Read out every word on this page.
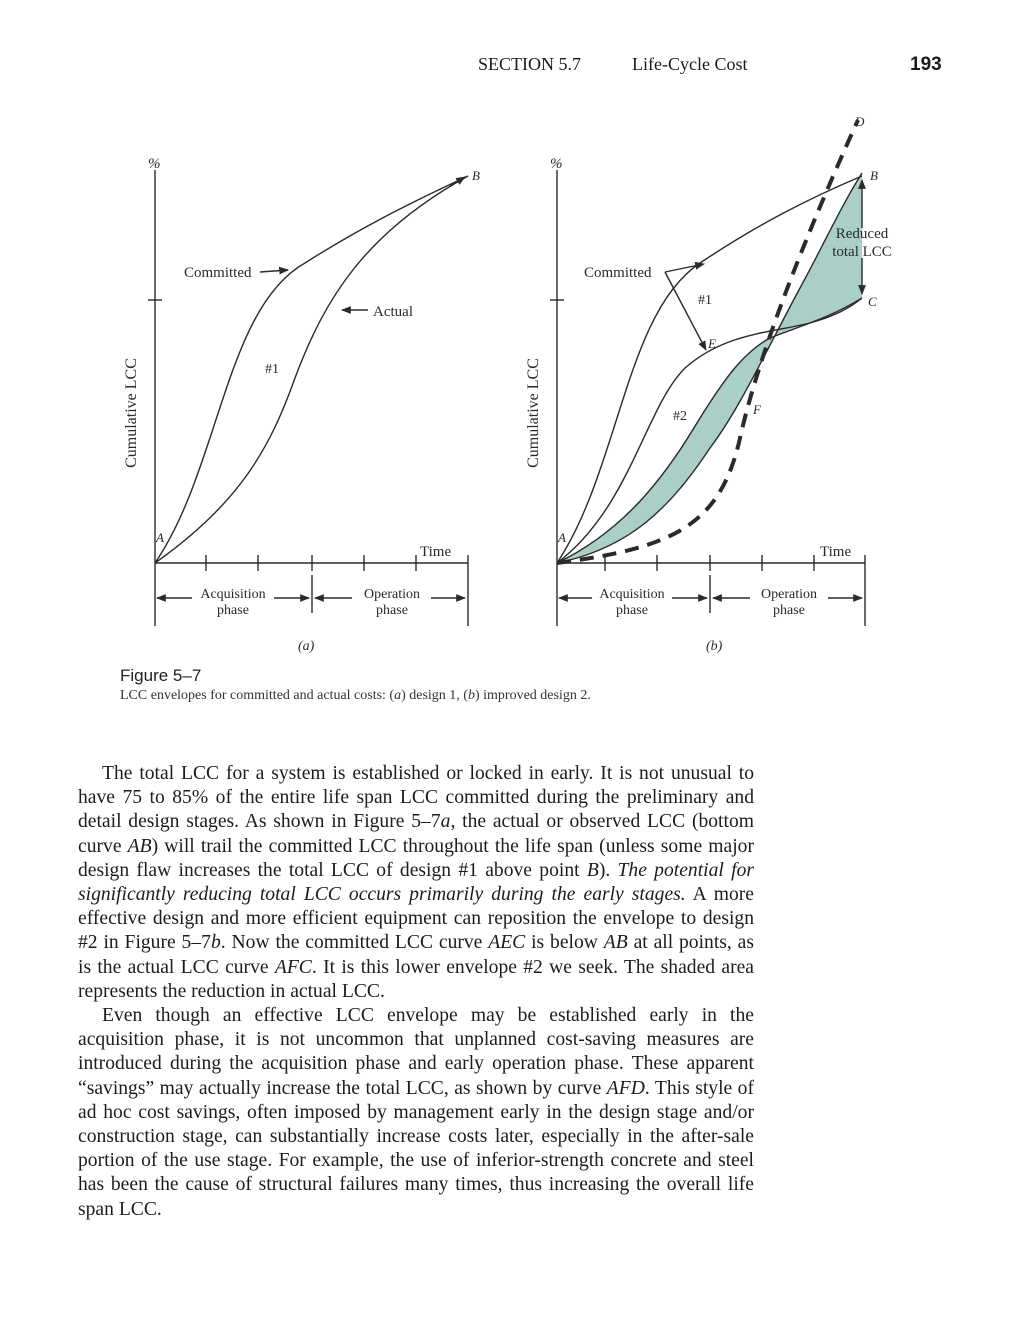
SECTION 5.7	Life-Cycle Cost	193
%
Cumulative LCC
A
B
Committed
Actual
#1
Time
Acquisition
phase
Operation
phase
(a)
%
Cumulative LCC
A
B
C
D
E
F
Committed
#1
#2
Reduced
total LCC
Time
Acquisition
phase
Operation
phase
(b)
Figure 5–7
LCC envelopes for committed and actual costs: (a) design 1, (b) improved design 2.

The total LCC for a system is established or locked in early. It is not unusual to have 75 to 85% of the entire life span LCC committed during the preliminary and detail design stages. As shown in Figure 5–7a, the actual or observed LCC (bottom curve AB) will trail the committed LCC throughout the life span (unless some major design flaw increases the total LCC of design #1 above point B). The potential for significantly reducing total LCC occurs primarily during the early stages. A more effective design and more efficient equipment can reposition the envelope to design #2 in Figure 5–7b. Now the committed LCC curve AEC is below AB at all points, as is the actual LCC curve AFC. It is this lower envelope #2 we seek. The shaded area represents the reduction in actual LCC.

Even though an effective LCC envelope may be established early in the acquisition phase, it is not uncommon that unplanned cost-saving measures are introduced during the acquisition phase and early operation phase. These apparent “savings” may actually increase the total LCC, as shown by curve AFD. This style of ad hoc cost savings, often imposed by management early in the design stage and/or construction stage, can substantially increase costs later, especially in the after-sale portion of the use stage. For example, the use of inferior-strength concrete and steel has been the cause of structural failures many times, thus increasing the overall life span LCC.
